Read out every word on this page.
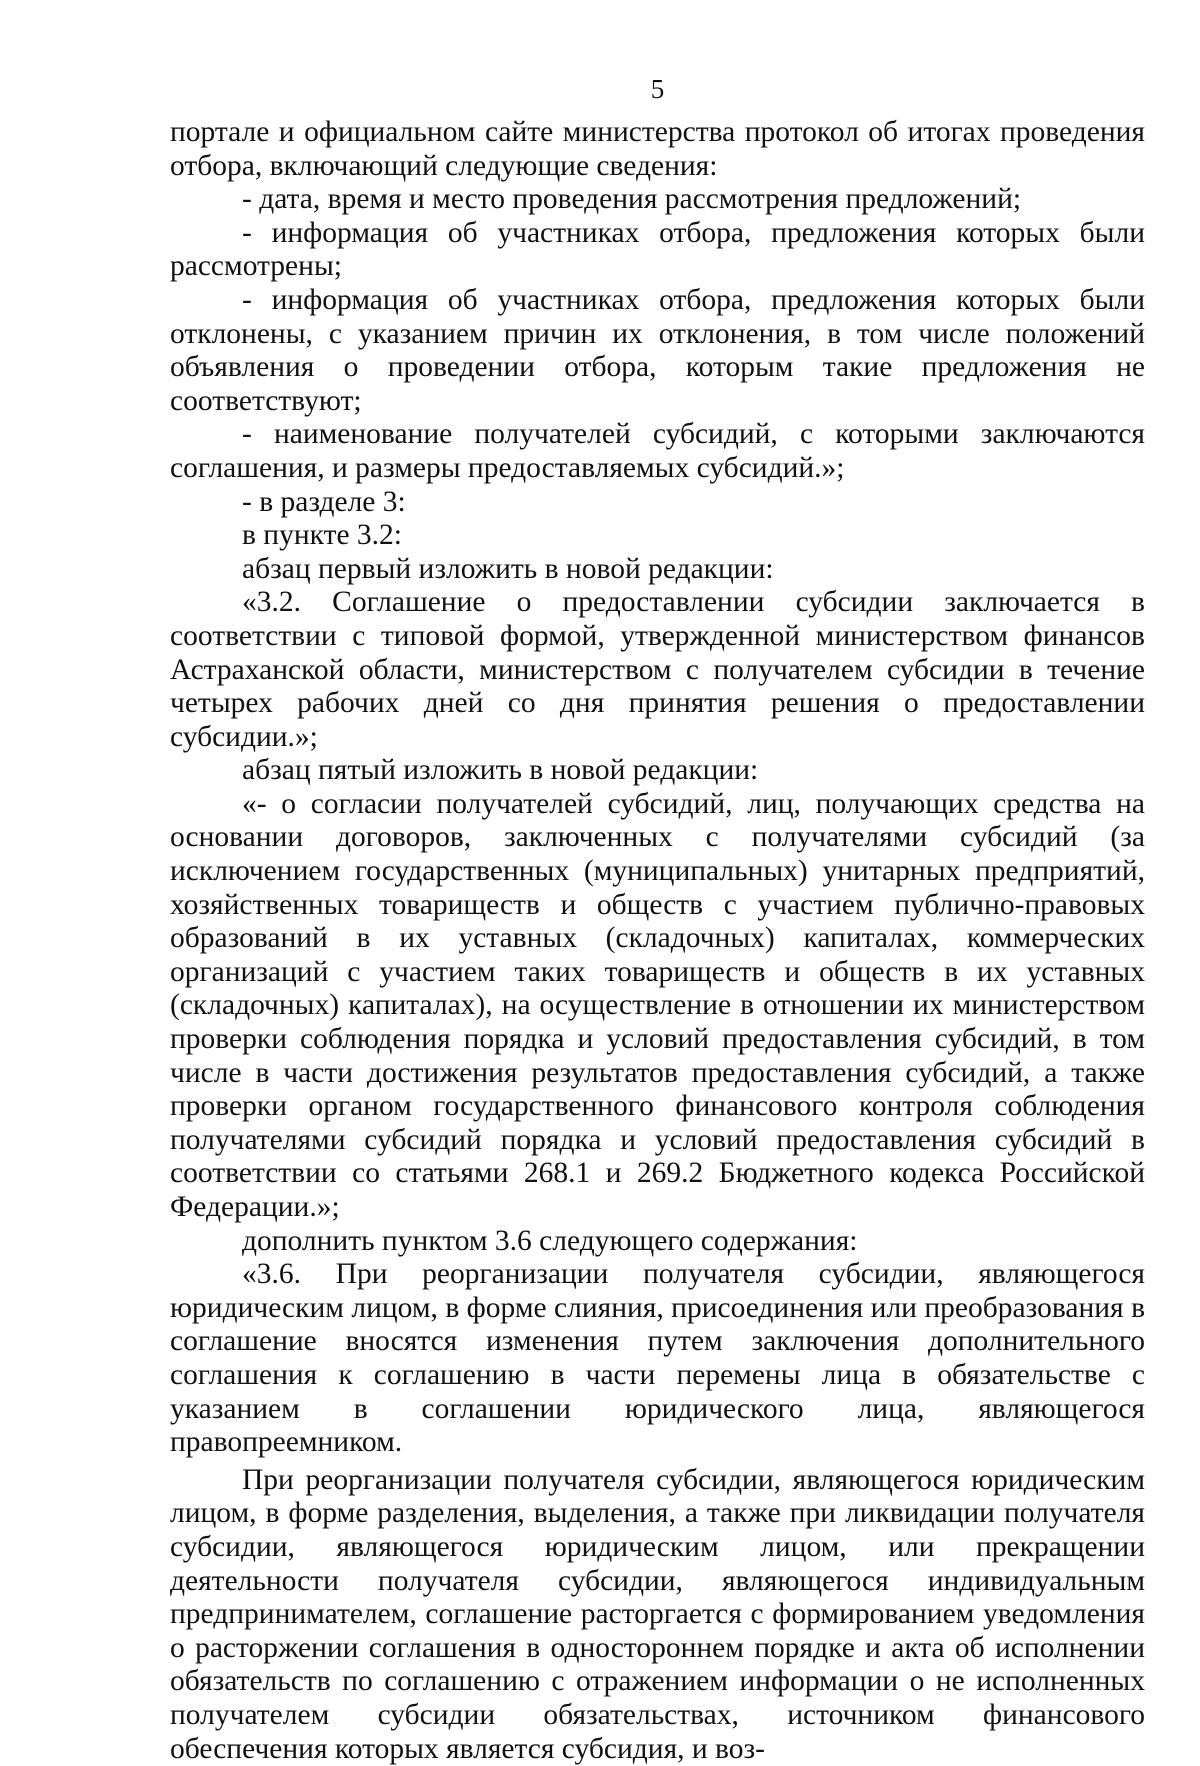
5

портале и официальном сайте министерства протокол об итогах проведения отбора, включающий следующие сведения:

- дата, время и место проведения рассмотрения предложений;

- информация об участниках отбора, предложения которых были рассмотрены;

- информация об участниках отбора, предложения которых были отклонены, с указанием причин их отклонения, в том числе положений объявления о проведении отбора, которым такие предложения не соответствуют;

- наименование получателей субсидий, с которыми заключаются соглашения, и размеры предоставляемых субсидий.»;

- в разделе 3:

в пункте 3.2:

абзац первый изложить в новой редакции:

«3.2. Соглашение о предоставлении субсидии заключается в соответствии с типовой формой, утвержденной министерством финансов Астраханской области, министерством с получателем субсидии в течение четырех рабочих дней со дня принятия решения о предоставлении субсидии.»;

абзац пятый изложить в новой редакции:

«- о согласии получателей субсидий, лиц, получающих средства на основании договоров, заключенных с получателями субсидий (за исключением государственных (муниципальных) унитарных предприятий, хозяйственных товариществ и обществ с участием публично-правовых образований в их уставных (складочных) капиталах, коммерческих организаций с участием таких товариществ и обществ в их уставных (складочных) капиталах), на осуществление в отношении их министерством проверки соблюдения порядка и условий предоставления субсидий, в том числе в части достижения результатов предоставления субсидий, а также проверки органом государственного финансового контроля соблюдения получателями субсидий порядка и условий предоставления субсидий в соответствии со статьями 268.1 и 269.2 Бюджетного кодекса Российской Федерации.»;

дополнить пунктом 3.6 следующего содержания:

«3.6. При реорганизации получателя субсидии, являющегося юридическим лицом, в форме слияния, присоединения или преобразования в соглашение вносятся изменения путем заключения дополнительного соглашения к соглашению в части перемены лица в обязательстве с указанием в соглашении юридического лица, являющегося правопреемником.

При реорганизации получателя субсидии, являющегося юридическим лицом, в форме разделения, выделения, а также при ликвидации получателя субсидии, являющегося юридическим лицом, или прекращении деятельности получателя субсидии, являющегося индивидуальным предпринимателем, соглашение расторгается с формированием уведомления о расторжении соглашения в одностороннем порядке и акта об исполнении обязательств по соглашению с отражением информации о не исполненных получателем субсидии обязательствах, источником финансового обеспечения которых является субсидия, и воз-
